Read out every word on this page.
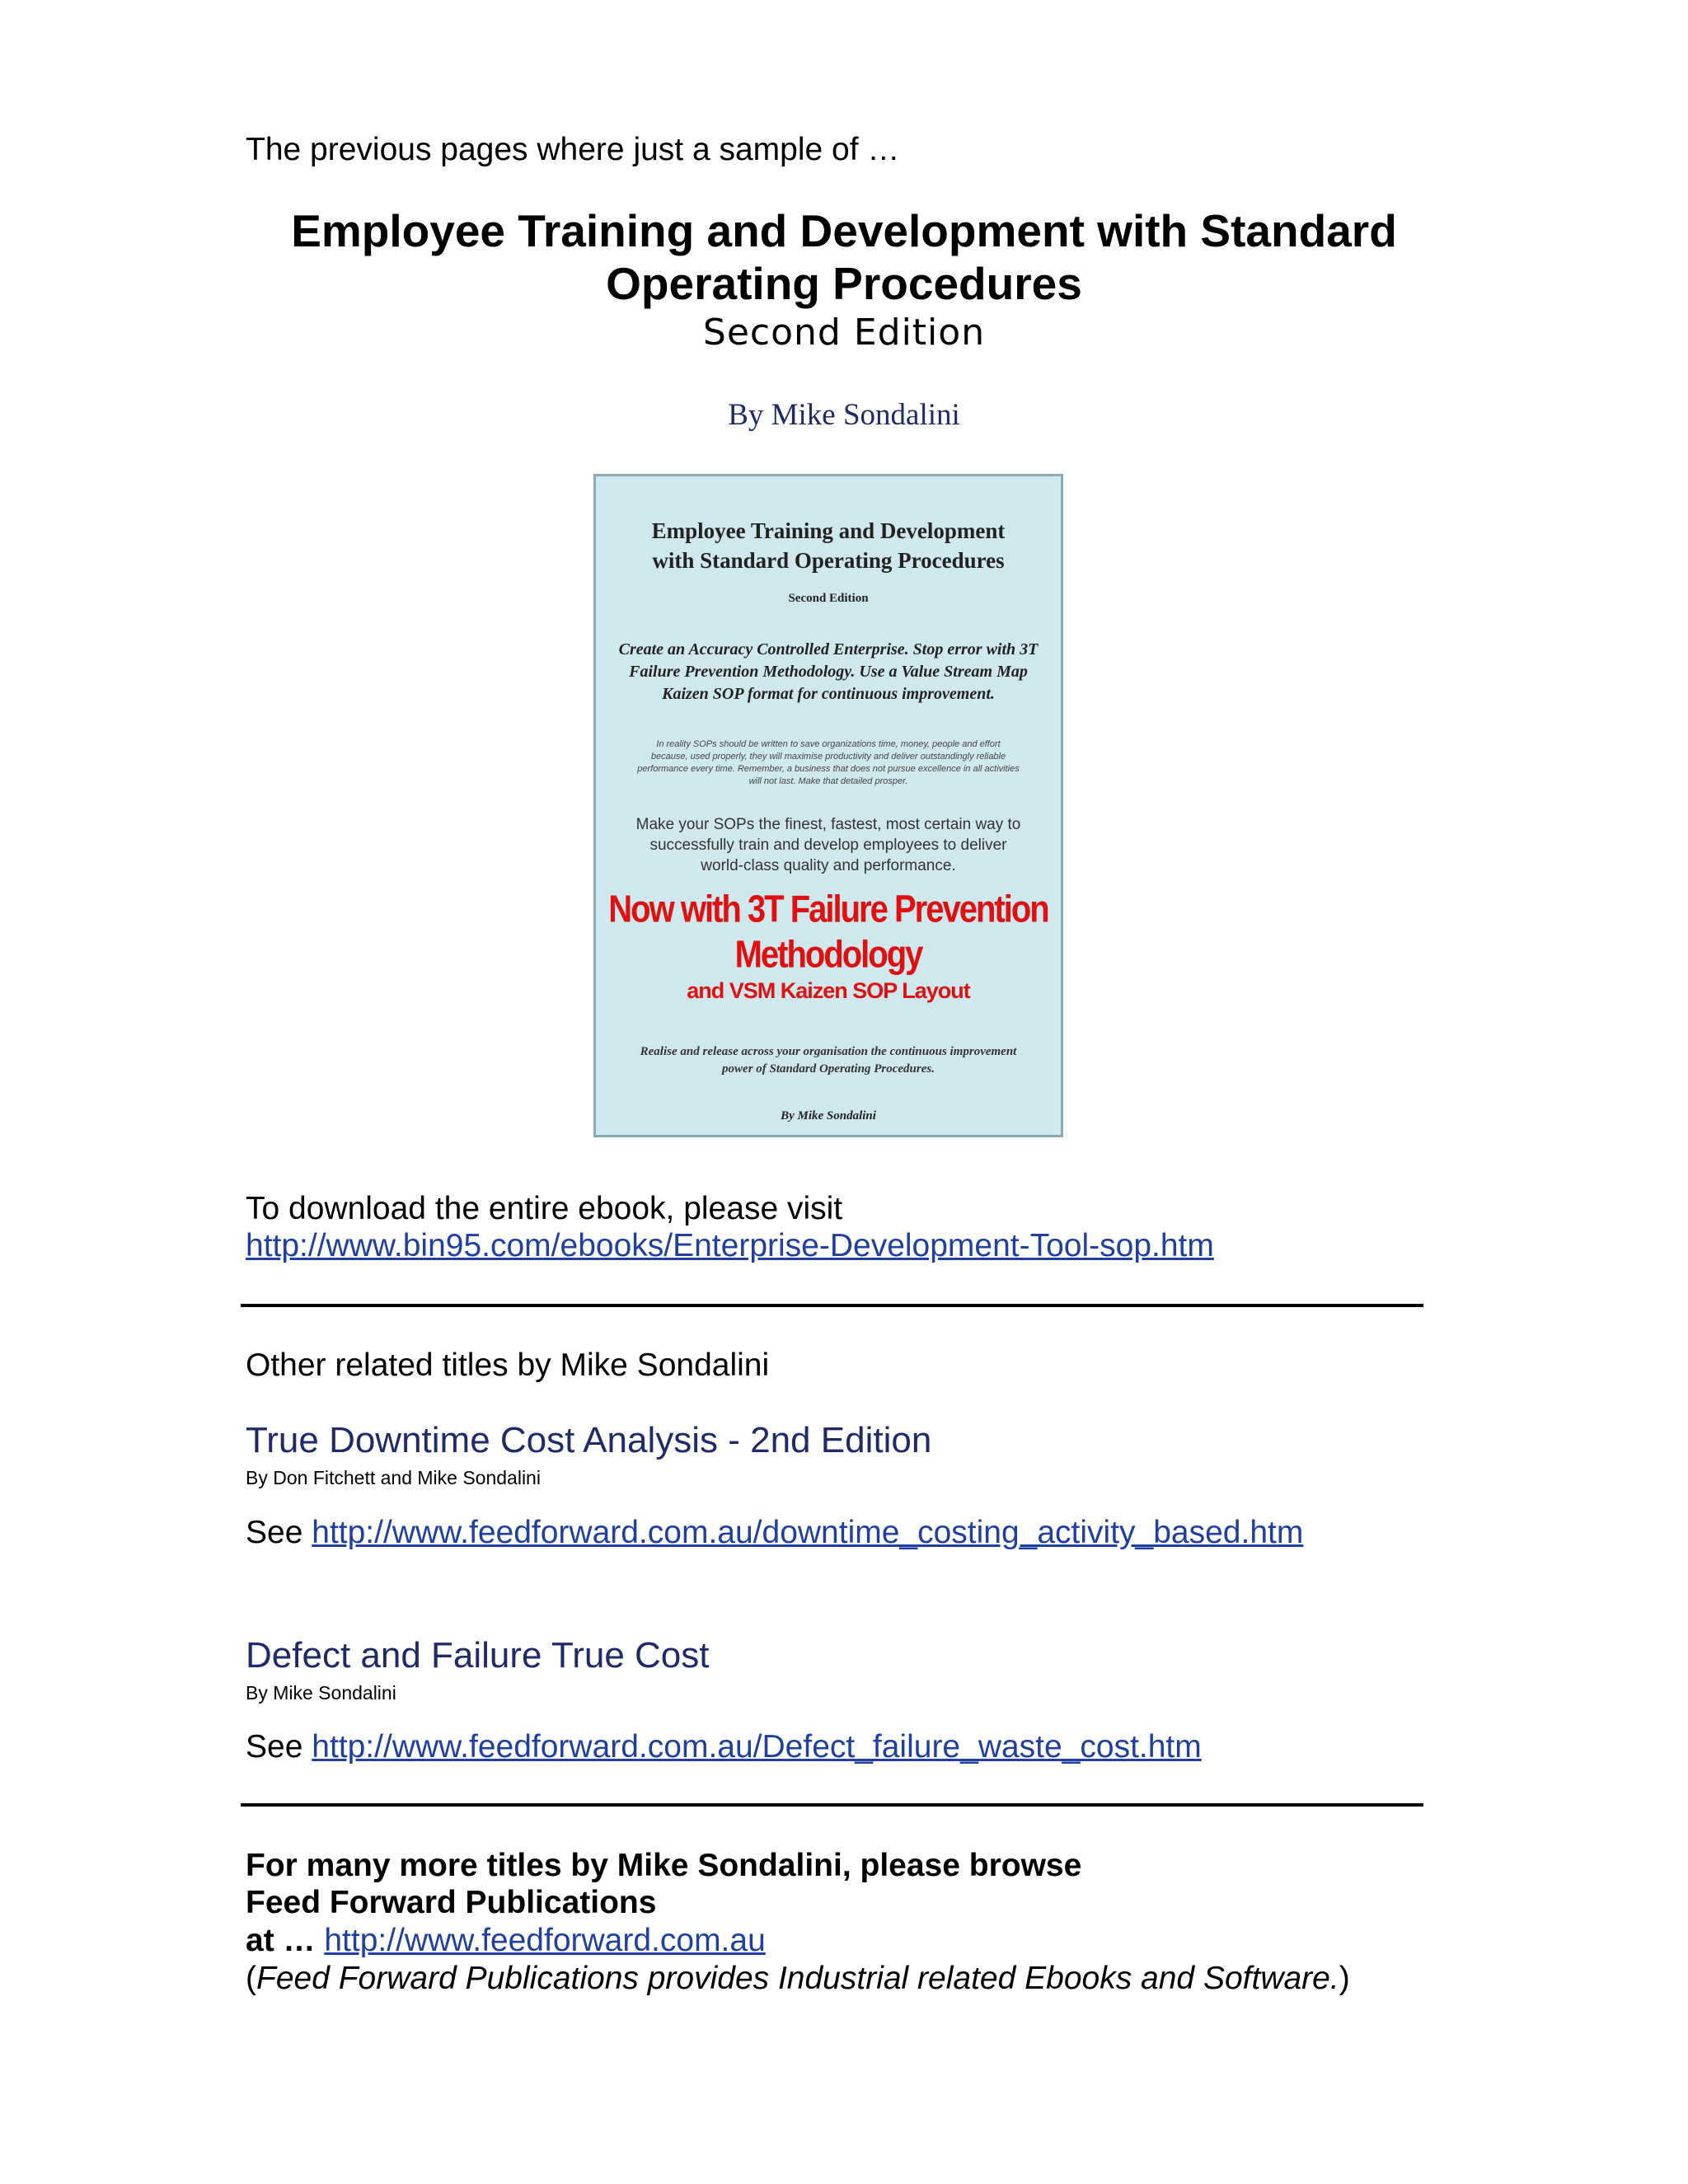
The previous pages where just a sample of …
Employee Training and Development with Standard
Operating Procedures
Second Edition
By Mike Sondalini
Employee Training and Development
with Standard Operating Procedures
Second Edition
Create an Accuracy Controlled Enterprise. Stop error with 3T Failure Prevention Methodology. Use a Value Stream Map Kaizen SOP format for continuous improvement.
In reality SOPs should be written to save organizations time, money, people and effort because, used properly, they will maximise productivity and deliver outstandingly reliable performance every time. Remember, a business that does not pursue excellence in all activities will not last. Make that detailed prosper.
Make your SOPs the finest, fastest, most certain way to successfully train and develop employees to deliver world-class quality and performance.
Now with 3T Failure Prevention Methodology
and VSM Kaizen SOP Layout
Realise and release across your organisation the continuous improvement power of Standard Operating Procedures.
By Mike Sondalini
To download the entire ebook, please visit
http://www.bin95.com/ebooks/Enterprise-Development-Tool-sop.htm
Other related titles by Mike Sondalini
True Downtime Cost Analysis - 2nd Edition
By Don Fitchett and Mike Sondalini
See http://www.feedforward.com.au/downtime_costing_activity_based.htm
Defect and Failure True Cost
By Mike Sondalini
See http://www.feedforward.com.au/Defect_failure_waste_cost.htm
For many more titles by Mike Sondalini, please browse
Feed Forward Publications
at … http://www.feedforward.com.au
(Feed Forward Publications provides Industrial related Ebooks and Software.)
